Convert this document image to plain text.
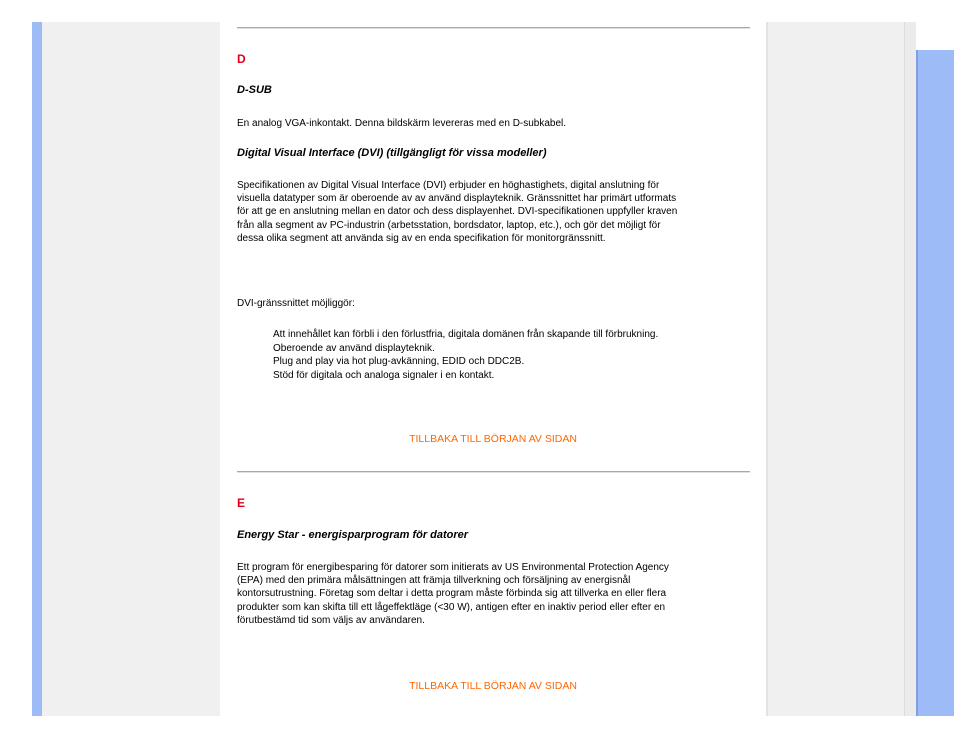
D
D-SUB

En analog VGA-inkontakt. Denna bildskärm levereras med en D-subkabel.

Digital Visual Interface (DVI) (tillgängligt för vissa modeller)
Specifikationen av Digital Visual Interface (DVI) erbjuder en höghastighets, digital anslutning för
visuella datatyper som är oberoende av av använd displayteknik. Gränssnittet har primärt utformats
för att ge en anslutning mellan en dator och dess displayenhet. DVI-specifikationen uppfyller kraven
från alla segment av PC-industrin (arbetsstation, bordsdator, laptop, etc.), och gör det möjligt för
dessa olika segment att använda sig av en enda specifikation för monitorgränssnitt.

DVI-gränssnittet möjliggör:

Att innehållet kan förbli i den förlustfria, digitala domänen från skapande till förbrukning.
Oberoende av använd displayteknik.
Plug and play via hot plug-avkänning, EDID och DDC2B.
Stöd för digitala och analoga signaler i en kontakt.
TILLBAKA TILL BÖRJAN AV SIDAN
E
Energy Star - energisparprogram för datorer
Ett program för energibesparing för datorer som initierats av US Environmental Protection Agency
(EPA) med den primära målsättningen att främja tillverkning och försäljning av energisnål
kontorsutrustning. Företag som deltar i detta program måste förbinda sig att tillverka en eller flera
produkter som kan skifta till ett lågeffektläge (<30 W), antigen efter en inaktiv period eller efter en
förutbestämd tid som väljs av användaren.
TILLBAKA TILL BÖRJAN AV SIDAN
